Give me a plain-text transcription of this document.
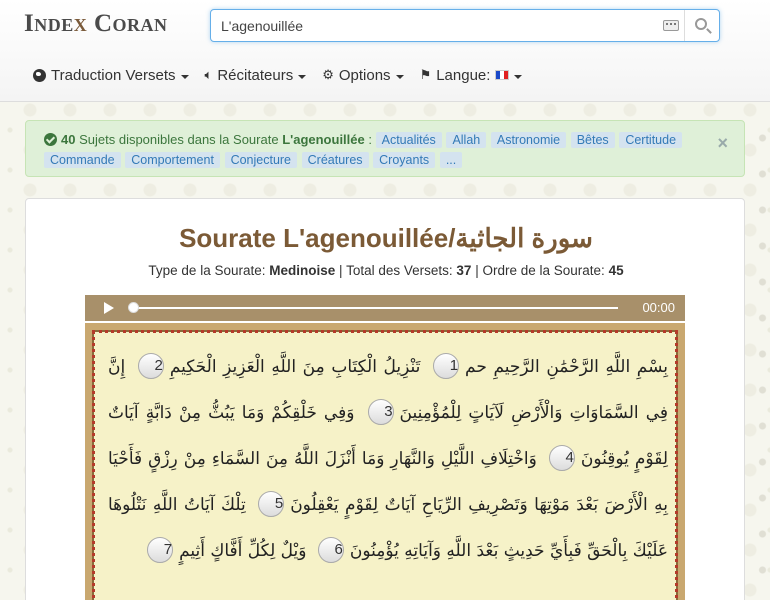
Index Coran
L'agenouillée
Traduction Versets 🔈︎ Récitateurs ⚙ Options ⚑ Langue:
40 Sujets disponibles dans la Sourate L'agenouillée : Actualités Allah Astronomie Bêtes Certitude Commande Comportement Conjecture Créatures Croyants ...
×
Sourate L'agenouillée/سورة الجاثية
Type de la Sourate: Medinoise | Total des Versets: 37 | Ordre de la Sourate: 45
00:00
بِسْمِ اللَّهِ الرَّحْمَٰنِ الرَّحِيمِ حم1 تَنْزِيلُ الْكِتَابِ مِنَ اللَّهِ الْعَزِيزِ الْحَكِيمِ2 إِنَّ فِي السَّمَاوَاتِ وَالْأَرْضِ لَآيَاتٍ لِلْمُؤْمِنِينَ3 وَفِي خَلْقِكُمْ وَمَا يَبُثُّ مِنْ دَابَّةٍ آيَاتٌ لِقَوْمٍ يُوقِنُونَ4 وَاخْتِلَافِ اللَّيْلِ وَالنَّهَارِ وَمَا أَنْزَلَ اللَّهُ مِنَ السَّمَاءِ مِنْ رِزْقٍ فَأَحْيَا بِهِ الْأَرْضَ بَعْدَ مَوْتِهَا وَتَصْرِيفِ الرِّيَاحِ آيَاتٌ لِقَوْمٍ يَعْقِلُونَ5 تِلْكَ آيَاتُ اللَّهِ نَتْلُوهَا عَلَيْكَ بِالْحَقِّ فَبِأَيِّ حَدِيثٍ بَعْدَ اللَّهِ وَآيَاتِهِ يُؤْمِنُونَ6 وَيْلٌ لِكُلِّ أَفَّاكٍ أَثِيمٍ7
